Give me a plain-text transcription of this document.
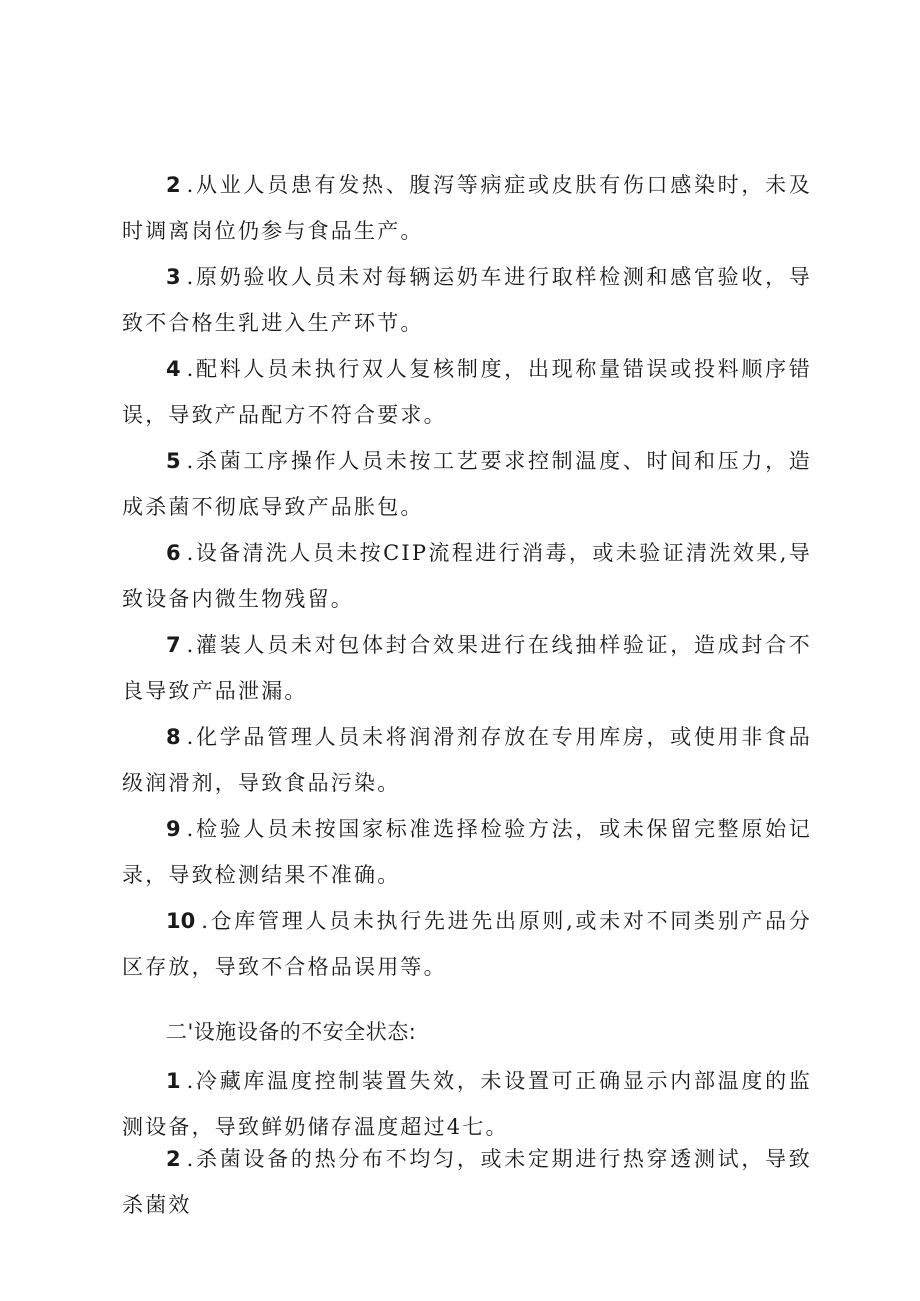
2 .从业人员患有发热、腹泻等病症或皮肤有伤口感染时，未及时调离岗位仍参与食品生产。

3 .原奶验收人员未对每辆运奶车进行取样检测和感官验收，导致不合格生乳进入生产环节。

4 .配料人员未执行双人复核制度，出现称量错误或投料顺序错误，导致产品配方不符合要求。

5 .杀菌工序操作人员未按工艺要求控制温度、时间和压力，造成杀菌不彻底导致产品胀包。

6 .设备清洗人员未按CIP流程进行消毒，或未验证清洗效果,导致设备内微生物残留。

7 .灌装人员未对包体封合效果进行在线抽样验证，造成封合不良导致产品泄漏。

8 .化学品管理人员未将润滑剂存放在专用库房，或使用非食品级润滑剂，导致食品污染。

9 .检验人员未按国家标准选择检验方法，或未保留完整原始记录，导致检测结果不准确。

10 .仓库管理人员未执行先进先出原则,或未对不同类别产品分区存放，导致不合格品误用等。

二'设施设备的不安全状态:

1 .冷藏库温度控制装置失效，未设置可正确显示内部温度的监测设备，导致鲜奶储存温度超过4七。

2 .杀菌设备的热分布不均匀，或未定期进行热穿透测试，导致杀菌效
